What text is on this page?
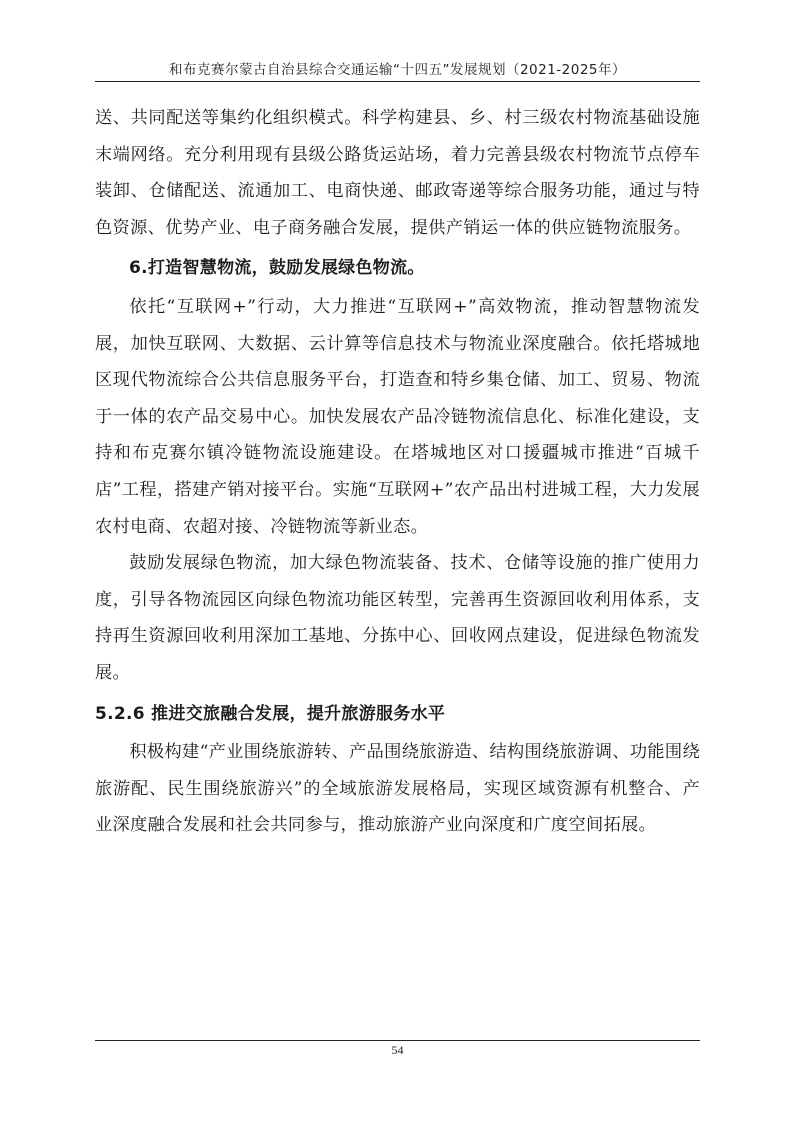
和布克赛尔蒙古自治县综合交通运输“十四五”发展规划（2021-2025年）

送、共同配送等集约化组织模式。科学构建县、乡、村三级农村物流基础设施末端网络。充分利用现有县级公路货运站场，着力完善县级农村物流节点停车装卸、仓储配送、流通加工、电商快递、邮政寄递等综合服务功能，通过与特色资源、优势产业、电子商务融合发展，提供产销运一体的供应链物流服务。

6.打造智慧物流，鼓励发展绿色物流。

依托“互联网+”行动，大力推进“互联网+”高效物流，推动智慧物流发展，加快互联网、大数据、云计算等信息技术与物流业深度融合。依托塔城地区现代物流综合公共信息服务平台，打造查和特乡集仓储、加工、贸易、物流于一体的农产品交易中心。加快发展农产品冷链物流信息化、标准化建设，支持和布克赛尔镇冷链物流设施建设。在塔城地区对口援疆城市推进“百城千店”工程，搭建产销对接平台。实施“互联网+”农产品出村进城工程，大力发展农村电商、农超对接、冷链物流等新业态。

鼓励发展绿色物流，加大绿色物流装备、技术、仓储等设施的推广使用力度，引导各物流园区向绿色物流功能区转型，完善再生资源回收利用体系，支持再生资源回收利用深加工基地、分拣中心、回收网点建设，促进绿色物流发展。

5.2.6 推进交旅融合发展，提升旅游服务水平

积极构建“产业围绕旅游转、产品围绕旅游造、结构围绕旅游调、功能围绕旅游配、民生围绕旅游兴”的全域旅游发展格局，实现区域资源有机整合、产业深度融合发展和社会共同参与，推动旅游产业向深度和广度空间拓展。

54
